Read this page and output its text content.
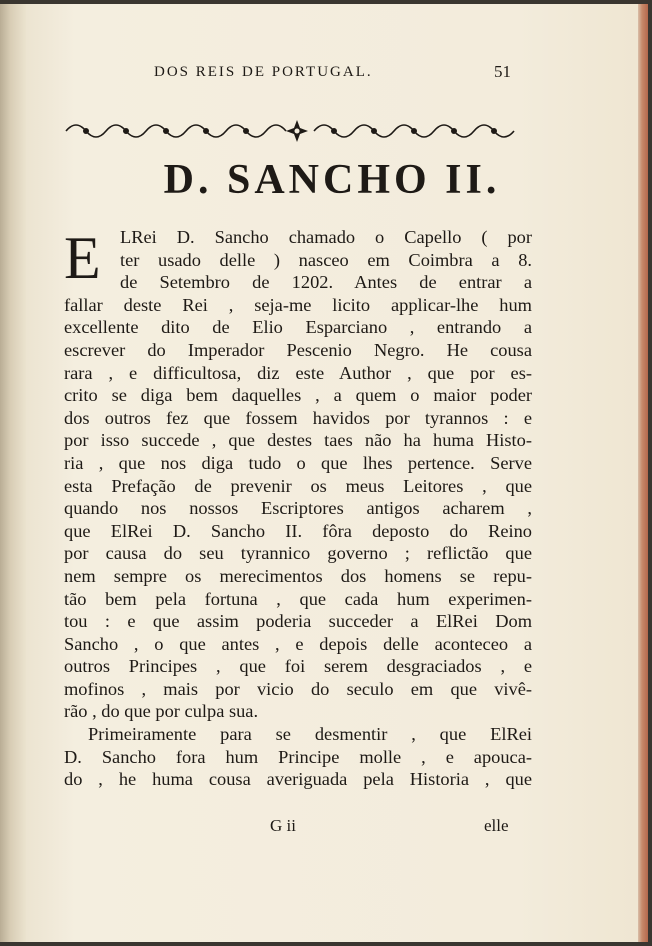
DOS REIS DE PORTUGAL.	51
D. SANCHO II.
E	LRei D. Sancho chamado o Capello ( por
ter usado delle ) nasceo em Coimbra a 8.
de Setembro de 1202. Antes de entrar a
fallar deste Rei , seja-me licito applicar-lhe hum
excellente dito de Elio Esparciano , entrando a
escrever do Imperador Pescenio Negro. He cousa
rara , e difficultosa, diz este Author , que por es-
crito se diga bem daquelles , a quem o maior poder
dos outros fez que fossem havidos por tyrannos : e
por isso succede , que destes taes não ha huma Histo-
ria , que nos diga tudo o que lhes pertence. Serve
esta Prefação de prevenir os meus Leitores , que
quando nos nossos Escriptores antigos acharem ,
que ElRei D. Sancho II. fôra deposto do Reino
por causa do seu tyrannico governo ; reflictão que
nem sempre os merecimentos dos homens se repu-
tão bem pela fortuna , que cada hum experimen-
tou : e que assim poderia succeder a ElRei Dom
Sancho , o que antes , e depois delle aconteceo a
outros Principes , que foi serem desgraciados , e
mofinos , mais por vicio do seculo em que vivê-
rão , do que por culpa sua.
Primeiramente para se desmentir , que ElRei
D. Sancho fora hum Principe molle , e apouca-
do , he huma cousa averiguada pela Historia , que
G ii	elle
